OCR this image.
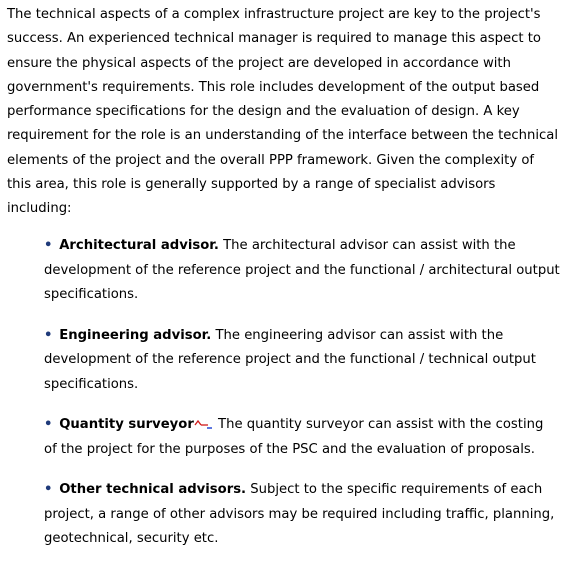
The technical aspects of a complex infrastructure project are key to the project's success. An experienced technical manager is required to manage this aspect to ensure the physical aspects of the project are developed in accordance with government's requirements. This role includes development of the output based performance specifications for the design and the evaluation of design. A key requirement for the role is an understanding of the interface between the technical elements of the project and the overall PPP framework. Given the complexity of this area, this role is generally supported by a range of specialist advisors including:

• Architectural advisor. The architectural advisor can assist with the development of the reference project and the functional / architectural output specifications.
• Engineering advisor. The engineering advisor can assist with the development of the reference project and the functional / technical output specifications.
• Quantity surveyor
The quantity surveyor can assist with the costing of the project for the purposes of the PSC and the evaluation of proposals.
• Other technical advisors. Subject to the specific requirements of each project, a range of other advisors may be required including traffic, planning, geotechnical, security etc.
